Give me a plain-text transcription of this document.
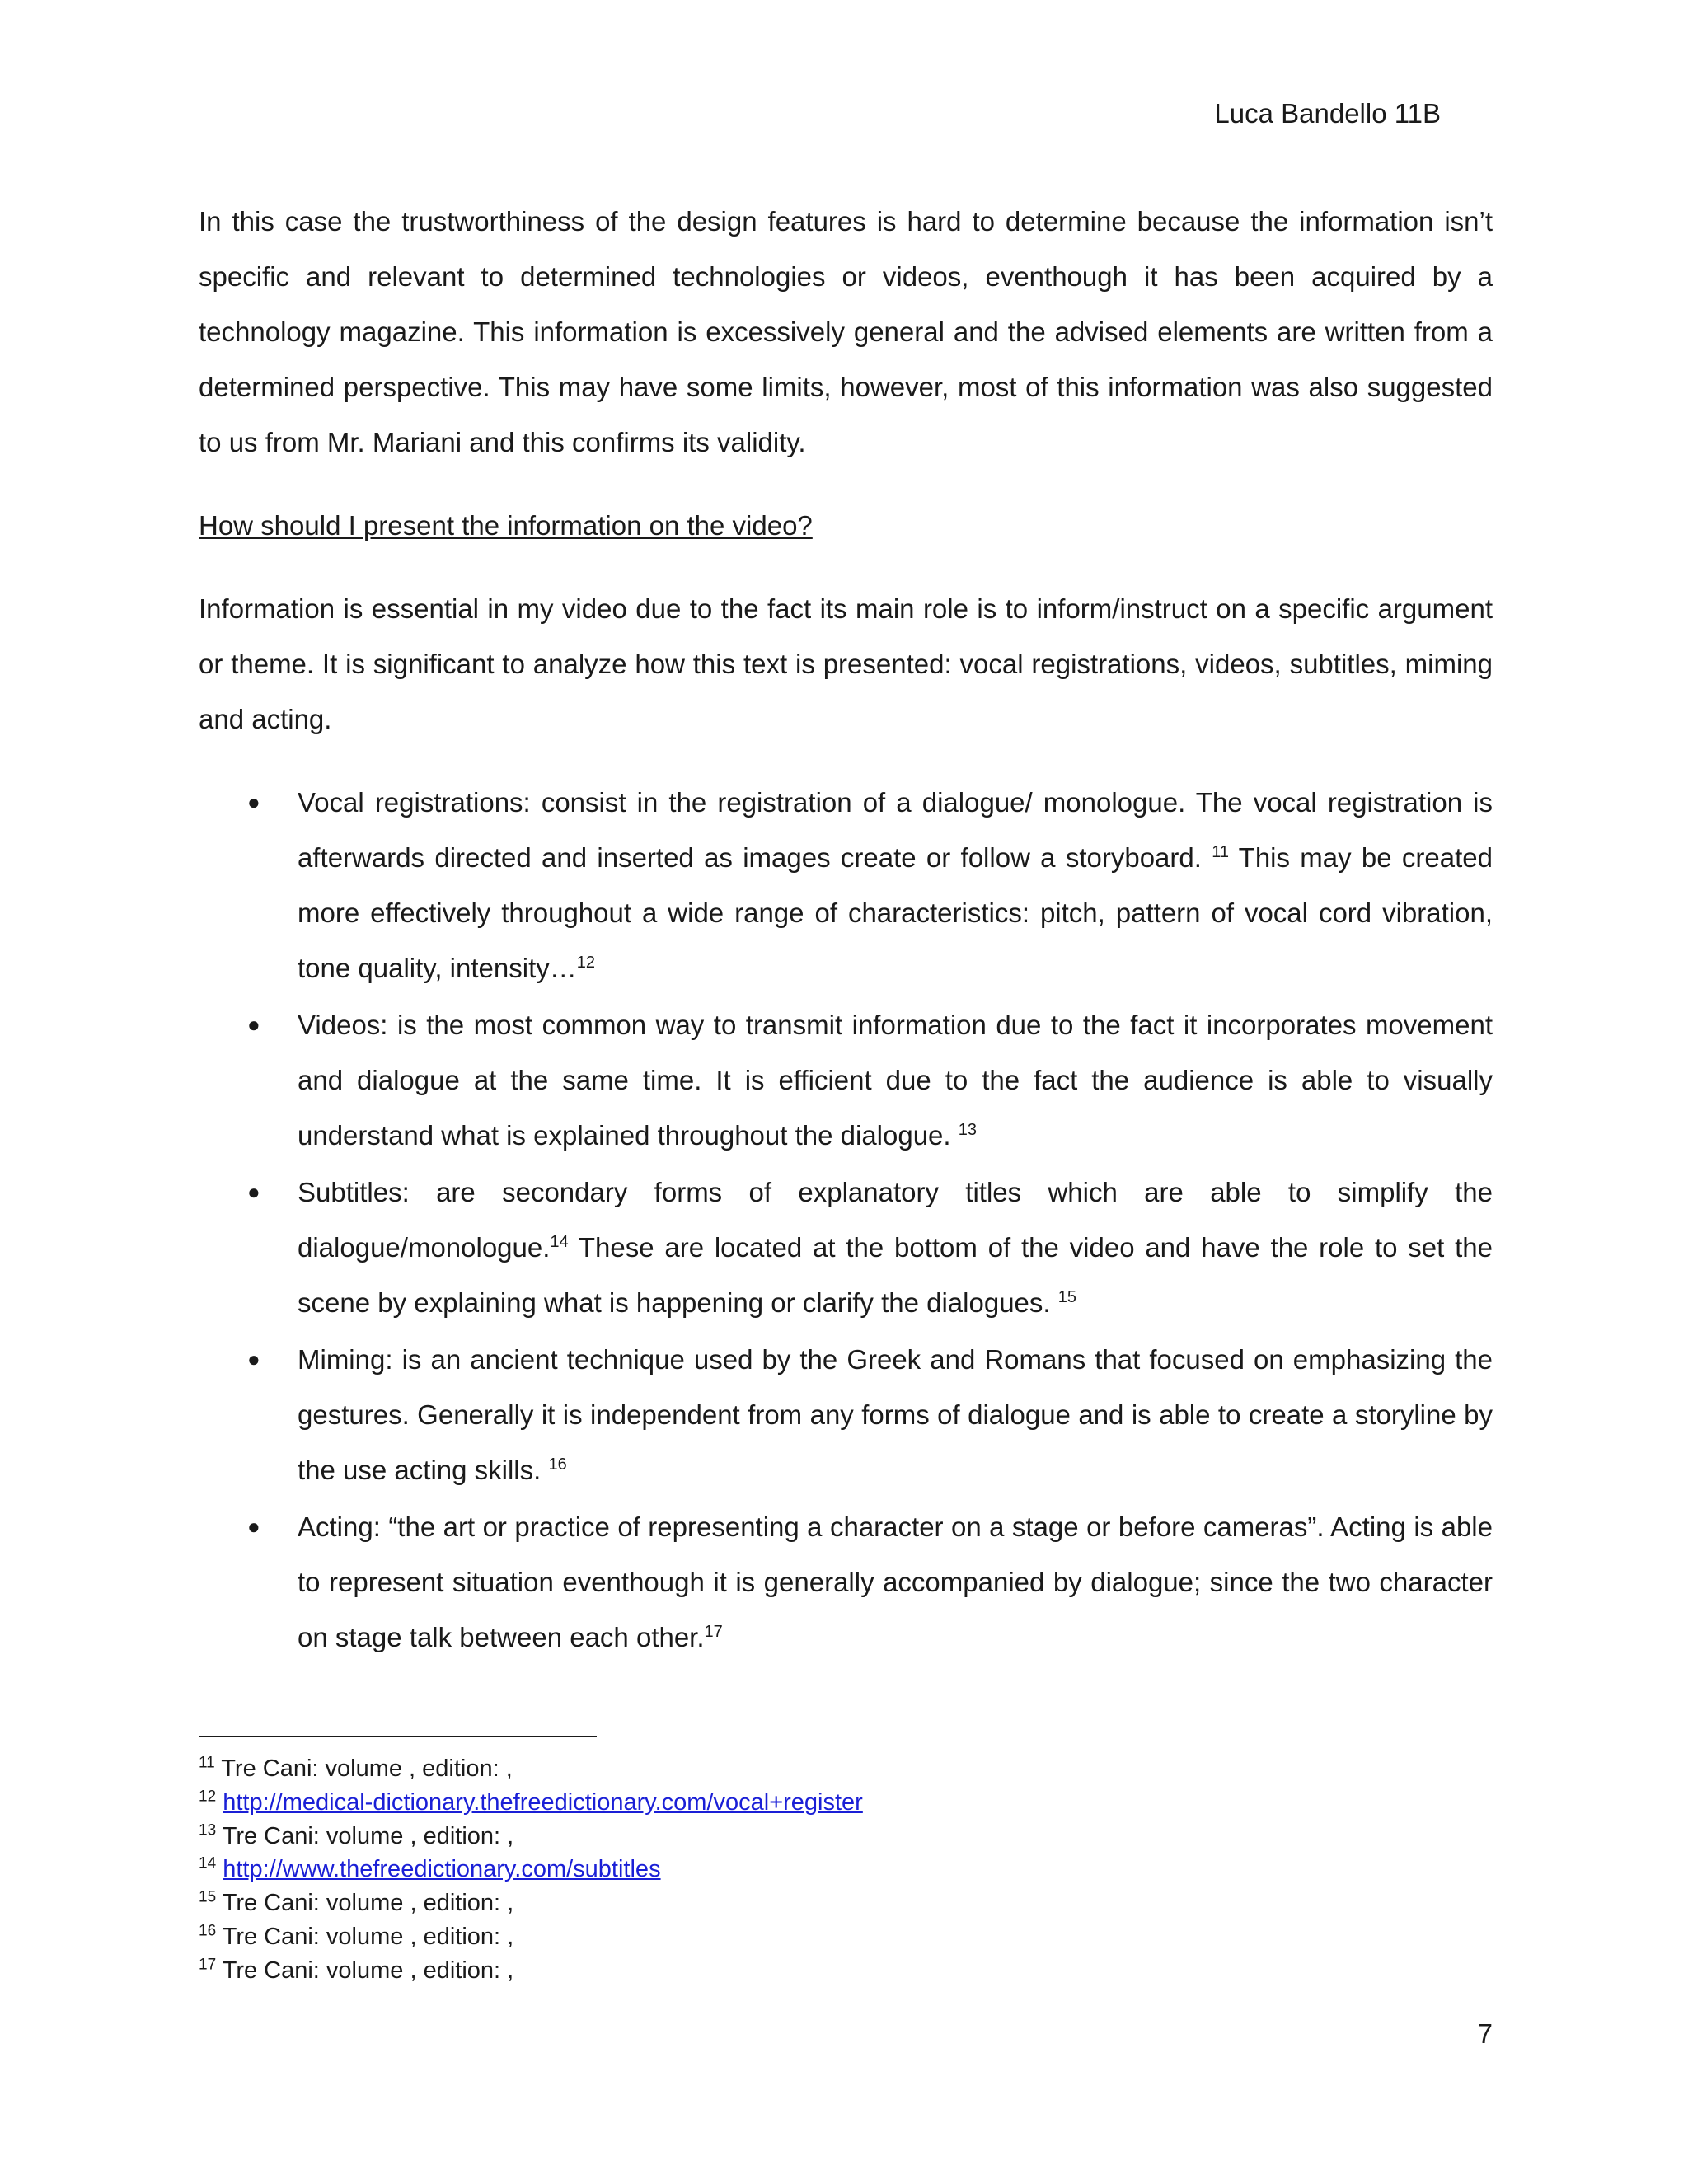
Luca Bandello 11B

In this case the trustworthiness of the design features is hard to determine because the information isn’t specific and relevant to determined technologies or videos, eventhough it has been acquired by a technology magazine. This information is excessively general and the advised elements are written from a determined perspective. This may have some limits, however, most of this information was also suggested to us from Mr. Mariani and this confirms its validity.

How should I present the information on the video?

Information is essential in my video due to the fact its main role is to inform/instruct on a specific argument or theme. It is significant to analyze how this text is presented: vocal registrations, videos, subtitles, miming and acting.

● Vocal registrations: consist in the registration of a dialogue/ monologue. The vocal registration is afterwards directed and inserted as images create or follow a storyboard. $^{11}$ This may be created more effectively throughout a wide range of characteristics: pitch, pattern of vocal cord vibration, tone quality, intensity…$^{12}$
● Videos: is the most common way to transmit information due to the fact it incorporates movement and dialogue at the same time. It is efficient due to the fact the audience is able to visually understand what is explained throughout the dialogue. $^{13}$
● Subtitles: are secondary forms of explanatory titles which are able to simplify the dialogue/monologue.$^{14}$ These are located at the bottom of the video and have the role to set the scene by explaining what is happening or clarify the dialogues. $^{15}$
● Miming: is an ancient technique used by the Greek and Romans that focused on emphasizing the gestures. Generally it is independent from any forms of dialogue and is able to create a storyline by the use acting skills. $^{16}$
● Acting: “the art or practice of representing a character on a stage or before cameras”. Acting is able to represent situation eventhough it is generally accompanied by dialogue; since the two character on stage talk between each other.$^{17}$
$^{11}$ Tre Cani: volume , edition: ,
$^{12}$ http://medical-dictionary.thefreedictionary.com/vocal+register
$^{13}$ Tre Cani: volume , edition: ,
$^{14}$ http://www.thefreedictionary.com/subtitles
$^{15}$ Tre Cani: volume , edition: ,
$^{16}$ Tre Cani: volume , edition: ,
$^{17}$ Tre Cani: volume , edition: ,
7
